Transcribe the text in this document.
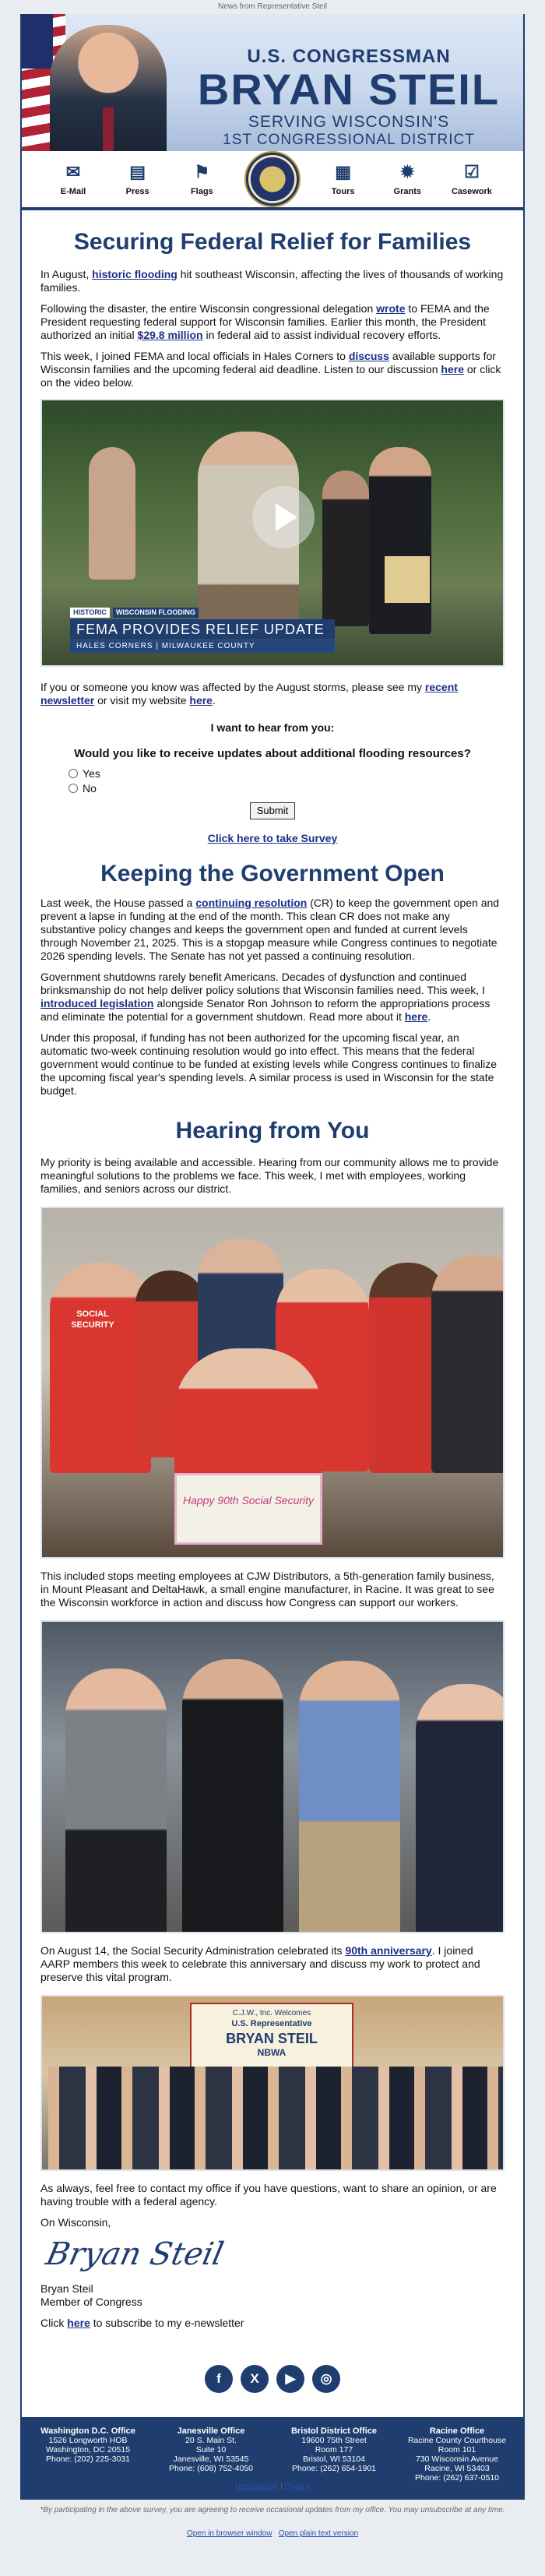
News from Representative Steil
U.S. CONGRESSMAN
BRYAN STEIL
SERVING WISCONSIN'S
1ST CONGRESSIONAL DISTRICT
✉
E-Mail
▤
Press
⚑
Flags
▦
Tours
✹
Grants
☑
Casework
Securing Federal Relief for Families

In August, historic flooding hit southeast Wisconsin, affecting the lives of thousands of working families.

Following the disaster, the entire Wisconsin congressional delegation wrote to FEMA and the President requesting federal support for Wisconsin families. Earlier this month, the President authorized an initial $29.8 million in federal aid to assist individual recovery efforts.

This week, I joined FEMA and local officials in Hales Corners to discuss available supports for Wisconsin families and the upcoming federal aid deadline. Listen to our discussion here or click on the video below.

HISTORIC	WISCONSIN FLOODING
FEMA PROVIDES RELIEF UPDATE
HALES CORNERS | MILWAUKEE COUNTY

If you or someone you know was affected by the August storms, please see my recent newsletter or visit my website here.

I want to hear from you:
Would you like to receive updates about additional flooding resources?
Yes
No
Submit
Click here to take Survey
Keeping the Government Open

Last week, the House passed a continuing resolution (CR) to keep the government open and prevent a lapse in funding at the end of the month. This clean CR does not make any substantive policy changes and keeps the government open and funded at current levels through November 21, 2025. This is a stopgap measure while Congress continues to negotiate 2026 spending levels. The Senate has not yet passed a continuing resolution.

Government shutdowns rarely benefit Americans. Decades of dysfunction and continued brinksmanship do not help deliver policy solutions that Wisconsin families need. This week, I introduced legislation alongside Senator Ron Johnson to reform the appropriations process and eliminate the potential for a government shutdown. Read more about it here.

Under this proposal, if funding has not been authorized for the upcoming fiscal year, an automatic two-week continuing resolution would go into effect. This means that the federal government would continue to be funded at existing levels while Congress continues to finalize the upcoming fiscal year's spending levels. A similar process is used in Wisconsin for the state budget.

Hearing from You

My priority is being available and accessible. Hearing from our community allows me to provide meaningful solutions to the problems we face. This week, I met with employees, working families, and seniors across our district.

SOCIAL SECURITY
Happy 90th Social Security

This included stops meeting employees at CJW Distributors, a 5th-generation family business, in Mount Pleasant and DeltaHawk, a small engine manufacturer, in Racine. It was great to see the Wisconsin workforce in action and discuss how Congress can support our workers.

On August 14, the Social Security Administration celebrated its 90th anniversary. I joined AARP members this week to celebrate this anniversary and discuss my work to protect and preserve this vital program.

C.J.W., Inc. Welcomes
U.S. Representative
BRYAN STEIL
NBWA

As always, feel free to contact my office if you have questions, want to share an opinion, or are having trouble with a federal agency.

On Wisconsin,

Bryan Steil

Bryan Steil

Member of Congress

Click here to subscribe to my e-newsletter

f	X	▶	◎
Washington D.C. Office
1526 Longworth HOB
Washington, DC 20515
Phone: (202) 225-3031
Janesville Office
20 S. Main St.
Suite 10
Janesville, WI 53545
Phone: (608) 752-4050
Bristol District Office
19600 75th Street
Room 177
Bristol, WI 53104
Phone: (262) 654-1901
Racine Office
Racine County Courthouse
Room 101
730 Wisconsin Avenue
Racine, WI 53403
Phone: (262) 637-0510
Unsubscribe | Privacy
*By participating in the above survey, you are agreeing to receive occasional updates from my office. You may unsubscribe at any time.
Open in browser window Open plain text version
